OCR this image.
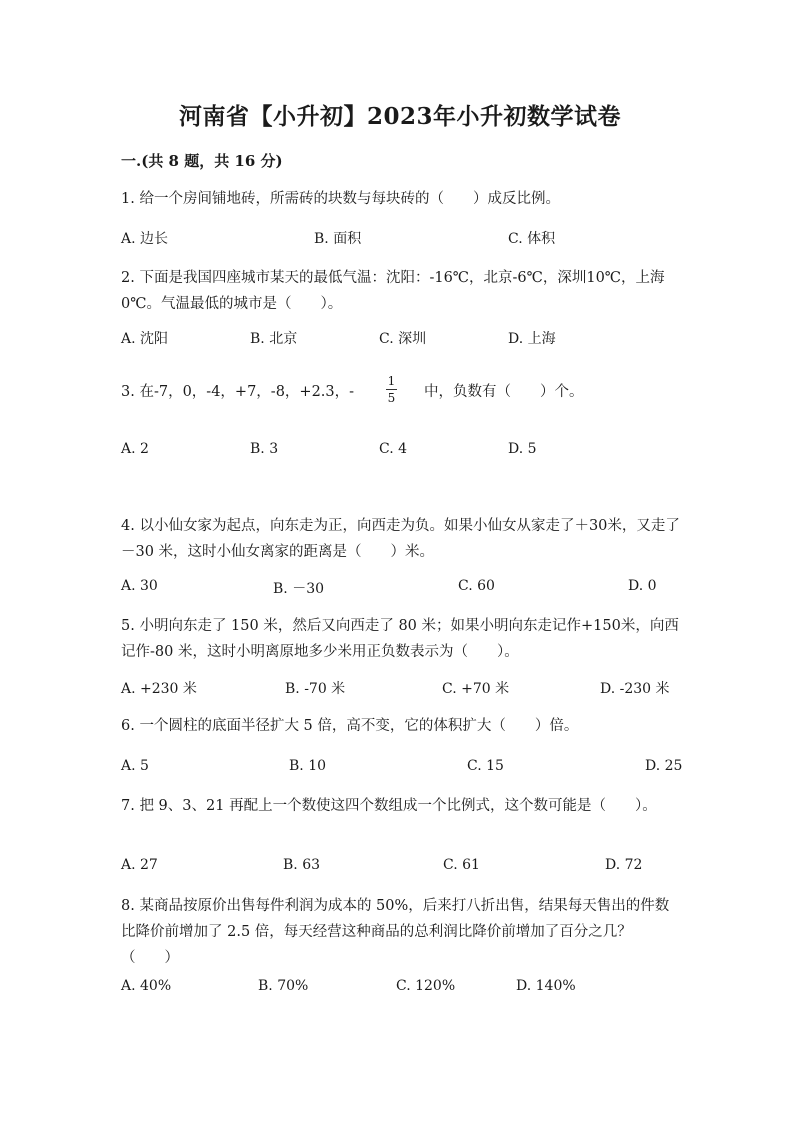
河南省【小升初】2023年小升初数学试卷
一.(共 8 题，共 16 分)
1. 给一个房间铺地砖，所需砖的块数与每块砖的（　　）成反比例。
A. 边长	B. 面积	C. 体积
2. 下面是我国四座城市某天的最低气温：沈阳：-16℃，北京-6℃，深圳10℃，上海 0℃。气温最低的城市是（　　）。
A. 沈阳	B. 北京	C. 深圳	D. 上海
3. 在-7，0，-4，+7，-8，+2.3，-
1
5 中，负数有（　　）个。
A. 2	B. 3	C. 4	D. 5
4. 以小仙女家为起点，向东走为正，向西走为负。如果小仙女从家走了＋30米，又走了－30 米，这时小仙女离家的距离是（　　）米。
A. 30	B. －30	C. 60	D. 0
5. 小明向东走了 150 米，然后又向西走了 80 米；如果小明向东走记作+150米，向西记作-80 米，这时小明离原地多少米用正负数表示为（　　）。
A. +230 米	B. -70 米	C. +70 米	D. -230 米
6. 一个圆柱的底面半径扩大 5 倍，高不变，它的体积扩大（　　）倍。
A. 5	B. 10	C. 15	D. 25
7. 把 9、3、21 再配上一个数使这四个数组成一个比例式，这个数可能是（　　）。
A. 27	B. 63	C. 61	D. 72
8. 某商品按原价出售每件利润为成本的 50%，后来打八折出售，结果每天售出的件数比降价前增加了 2.5 倍，每天经营这种商品的总利润比降价前增加了百分之几？（　　）
A. 40%	B. 70%	C. 120%	D. 140%
